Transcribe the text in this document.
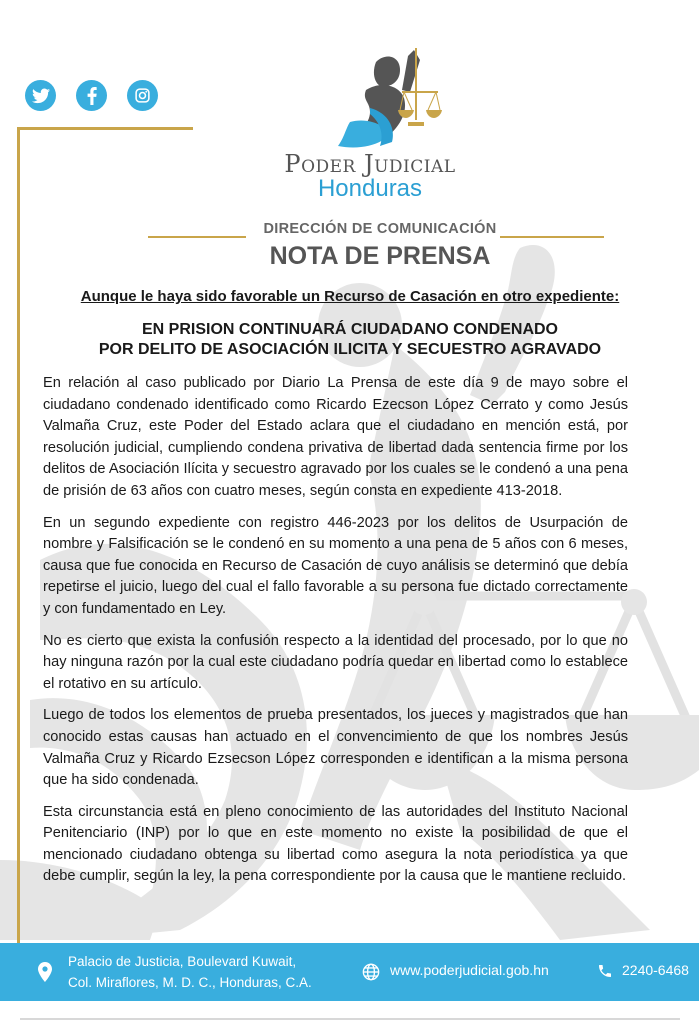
Poder Judicial
Honduras
DIRECCIÓN DE COMUNICACIÓN
NOTA DE PRENSA
Aunque le haya sido favorable un Recurso de Casación en otro expediente:
EN PRISION CONTINUARÁ CIUDADANO CONDENADO
POR DELITO DE ASOCIACIÓN ILICITA Y SECUESTRO AGRAVADO

En relación al caso publicado por Diario La Prensa de este día 9 de mayo sobre el ciudadano condenado identificado como Ricardo Ezecson López Cerrato y como Jesús Valmaña Cruz, este Poder del Estado aclara que el ciudadano en mención está, por resolución judicial, cumpliendo condena privativa de libertad dada sentencia firme por los delitos de Asociación Ilícita y secuestro agravado por los cuales se le condenó a una pena de prisión de 63 años con cuatro meses, según consta en expediente 413-2018.

En un segundo expediente con registro 446-2023 por los delitos de Usurpación de nombre y Falsificación se le condenó en su momento a una pena de 5 años con 6 meses, causa que fue conocida en Recurso de Casación de cuyo análisis se determinó que debía repetirse el juicio, luego del cual el fallo favorable a su persona fue dictado correctamente y con fundamentado en Ley.

No es cierto que exista la confusión respecto a la identidad del procesado, por lo que no hay ninguna razón por la cual este ciudadano podría quedar en libertad como lo establece el rotativo en su artículo.

Luego de todos los elementos de prueba presentados, los jueces y magistrados que han conocido estas causas han actuado en el convencimiento de que los nombres Jesús Valmaña Cruz y Ricardo Ezsecson López corresponden e identifican a la misma persona que ha sido condenada.

Esta circunstancia está en pleno conocimiento de las autoridades del Instituto Nacional Penitenciario (INP) por lo que en este momento no existe la posibilidad de que el mencionado ciudadano obtenga su libertad como asegura la nota periodística ya que debe cumplir, según la ley, la pena correspondiente por la causa que le mantiene recluido.

Palacio de Justicia, Boulevard Kuwait,
Col. Miraflores, M. D. C., Honduras, C.A.
www.poderjudicial.gob.hn	2240-6468
